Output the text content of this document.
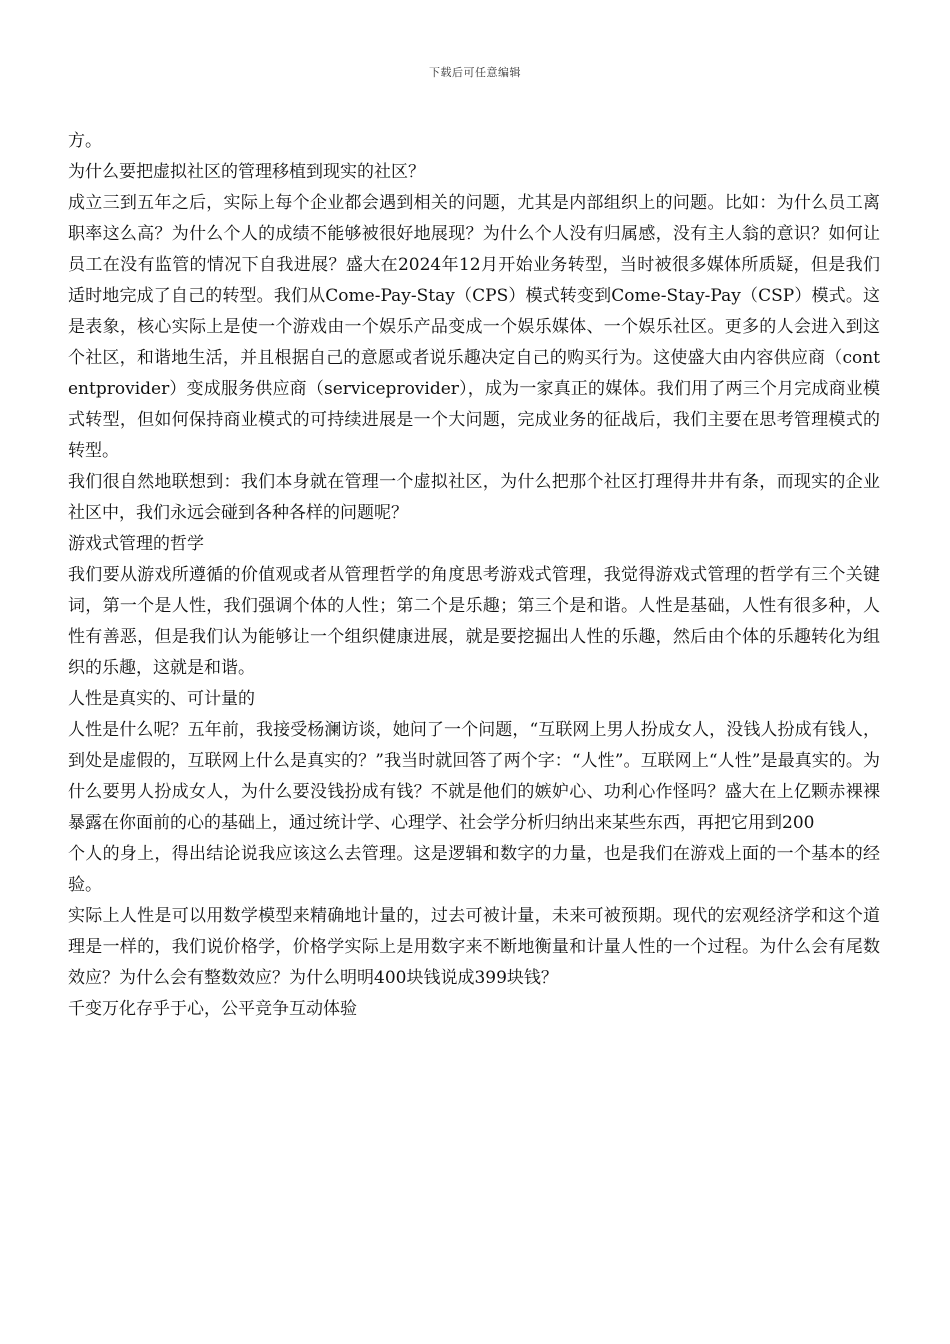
下载后可任意编辑

方。

为什么要把虚拟社区的管理移植到现实的社区？

成立三到五年之后，实际上每个企业都会遇到相关的问题，尤其是内部组织上的问题。比如：为什么员工离职率这么高？为什么个人的成绩不能够被很好地展现？为什么个人没有归属感，没有主人翁的意识？如何让员工在没有监管的情况下自我进展？盛大在2024年12月开始业务转型，当时被很多媒体所质疑，但是我们适时地完成了自己的转型。我们从Come-Pay-Stay（CPS）模式转变到Come-Stay-Pay（CSP）模式。这是表象，核心实际上是使一个游戏由一个娱乐产品变成一个娱乐媒体、一个娱乐社区。更多的人会进入到这个社区，和谐地生活，并且根据自己的意愿或者说乐趣决定自己的购买行为。这使盛大由内容供应商（contentprovider）变成服务供应商（serviceprovider），成为一家真正的媒体。我们用了两三个月完成商业模式转型，但如何保持商业模式的可持续进展是一个大问题，完成业务的征战后，我们主要在思考管理模式的转型。

我们很自然地联想到：我们本身就在管理一个虚拟社区，为什么把那个社区打理得井井有条，而现实的企业社区中，我们永远会碰到各种各样的问题呢？

游戏式管理的哲学

我们要从游戏所遵循的价值观或者从管理哲学的角度思考游戏式管理，我觉得游戏式管理的哲学有三个关键词，第一个是人性，我们强调个体的人性；第二个是乐趣；第三个是和谐。人性是基础，人性有很多种，人性有善恶，但是我们认为能够让一个组织健康进展，就是要挖掘出人性的乐趣，然后由个体的乐趣转化为组织的乐趣，这就是和谐。

人性是真实的、可计量的

人性是什么呢？五年前，我接受杨澜访谈，她问了一个问题，“互联网上男人扮成女人，没钱人扮成有钱人，到处是虚假的，互联网上什么是真实的？”我当时就回答了两个字：“人性”。互联网上“人性”是最真实的。为什么要男人扮成女人，为什么要没钱扮成有钱？不就是他们的嫉妒心、功利心作怪吗？盛大在上亿颗赤裸裸暴露在你面前的心的基础上，通过统计学、心理学、社会学分析归纳出来某些东西，再把它用到200

个人的身上，得出结论说我应该这么去管理。这是逻辑和数字的力量，也是我们在游戏上面的一个基本的经验。

实际上人性是可以用数学模型来精确地计量的，过去可被计量，未来可被预期。现代的宏观经济学和这个道理是一样的，我们说价格学，价格学实际上是用数字来不断地衡量和计量人性的一个过程。为什么会有尾数效应？为什么会有整数效应？为什么明明400块钱说成399块钱？

千变万化存乎于心，公平竞争互动体验
